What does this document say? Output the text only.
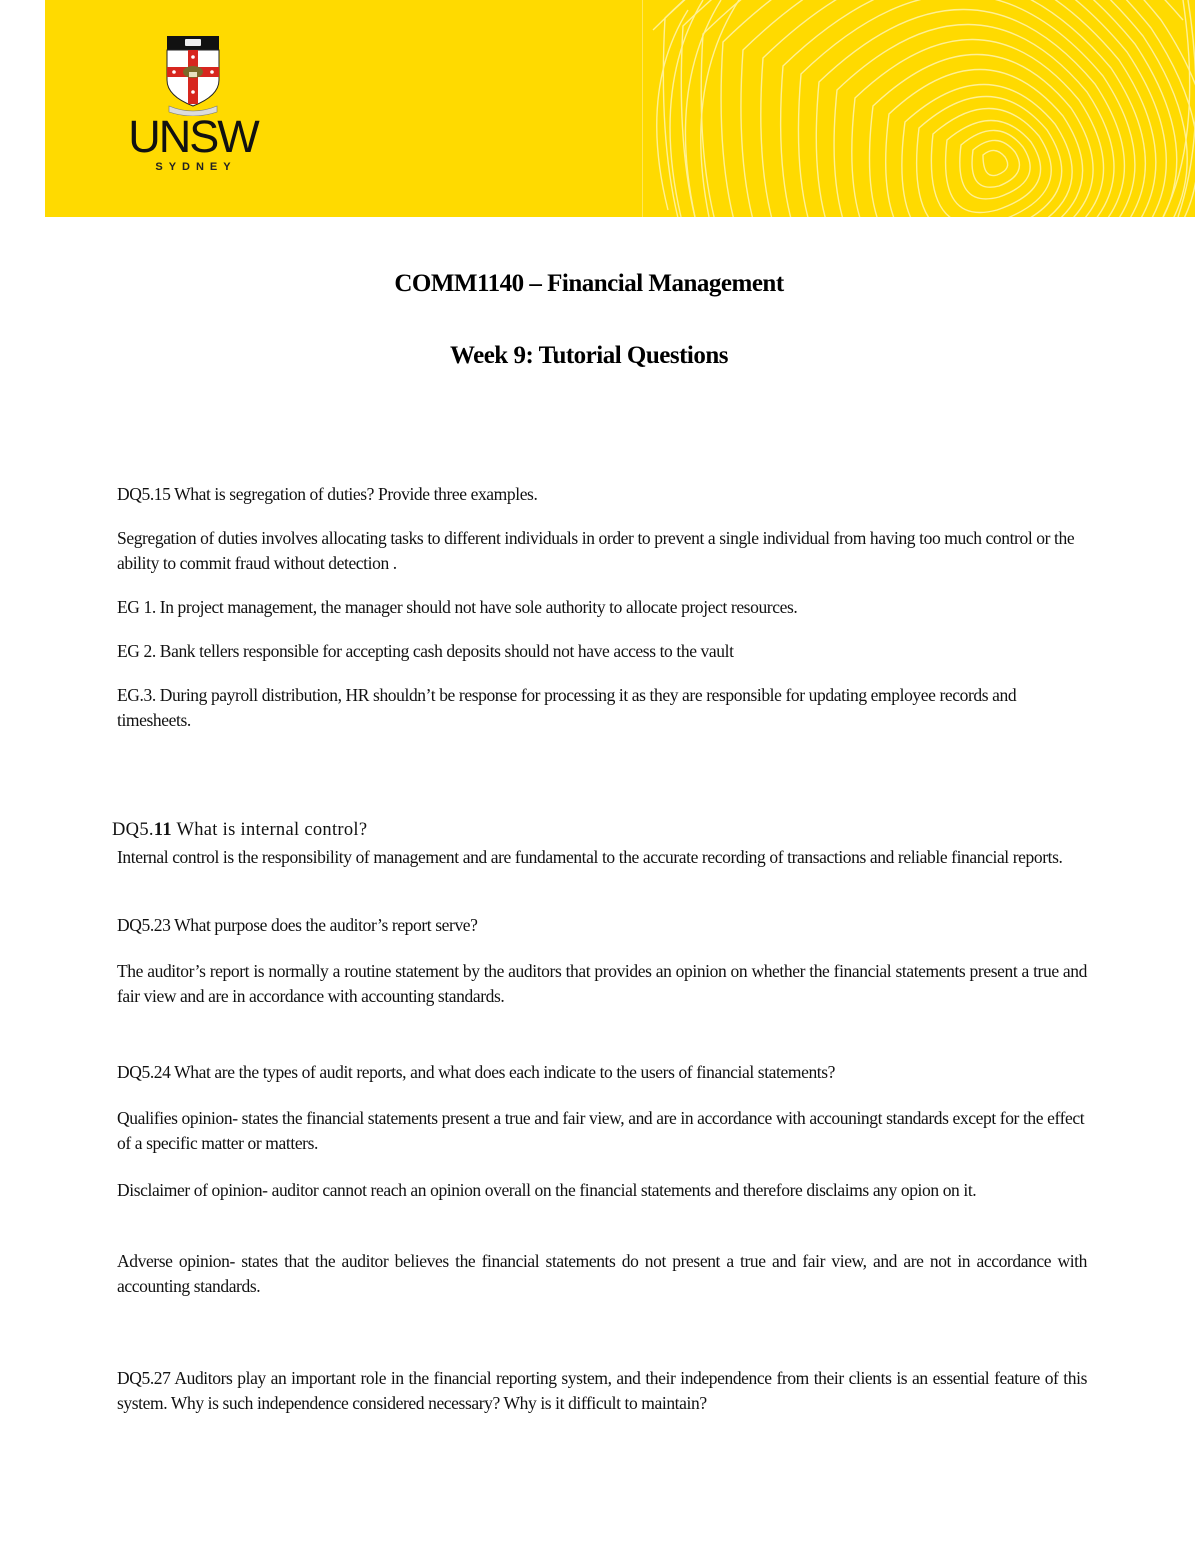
UNSW
SYDNEY
COMM1140 – Financial Management
Week 9: Tutorial Questions

DQ5.15 What is segregation of duties? Provide three examples.

Segregation of duties involves allocating tasks to different individuals in order to prevent a single individual from having too much control or the ability to commit fraud without detection .

EG 1. In project management, the manager should not have sole authority to allocate project resources.

EG 2. Bank tellers responsible for accepting cash deposits should not have access to the vault

EG.3. During payroll distribution, HR shouldn’t be response for processing it as they are responsible for updating employee records and timesheets.

DQ5.11 What is internal control?

Internal control is the responsibility of management and are fundamental to the accurate recording of transactions and reliable financial reports.

DQ5.23 What purpose does the auditor’s report serve?

The auditor’s report is normally a routine statement by the auditors that provides an opinion on whether the financial statements present a true and fair view and are in accordance with accounting standards.

DQ5.24 What are the types of audit reports, and what does each indicate to the users of financial statements?

Qualifies opinion- states the financial statements present a true and fair view, and are in accordance with accouningt standards except for the effect of a specific matter or matters.

Disclaimer of opinion- auditor cannot reach an opinion overall on the financial statements and therefore disclaims any opion on it.

Adverse opinion- states that the auditor believes the financial statements do not present a true and fair view, and are not in accordance with accounting standards.

DQ5.27 Auditors play an important role in the financial reporting system, and their independence from their clients is an essential feature of this system. Why is such independence considered necessary? Why is it difficult to maintain?
